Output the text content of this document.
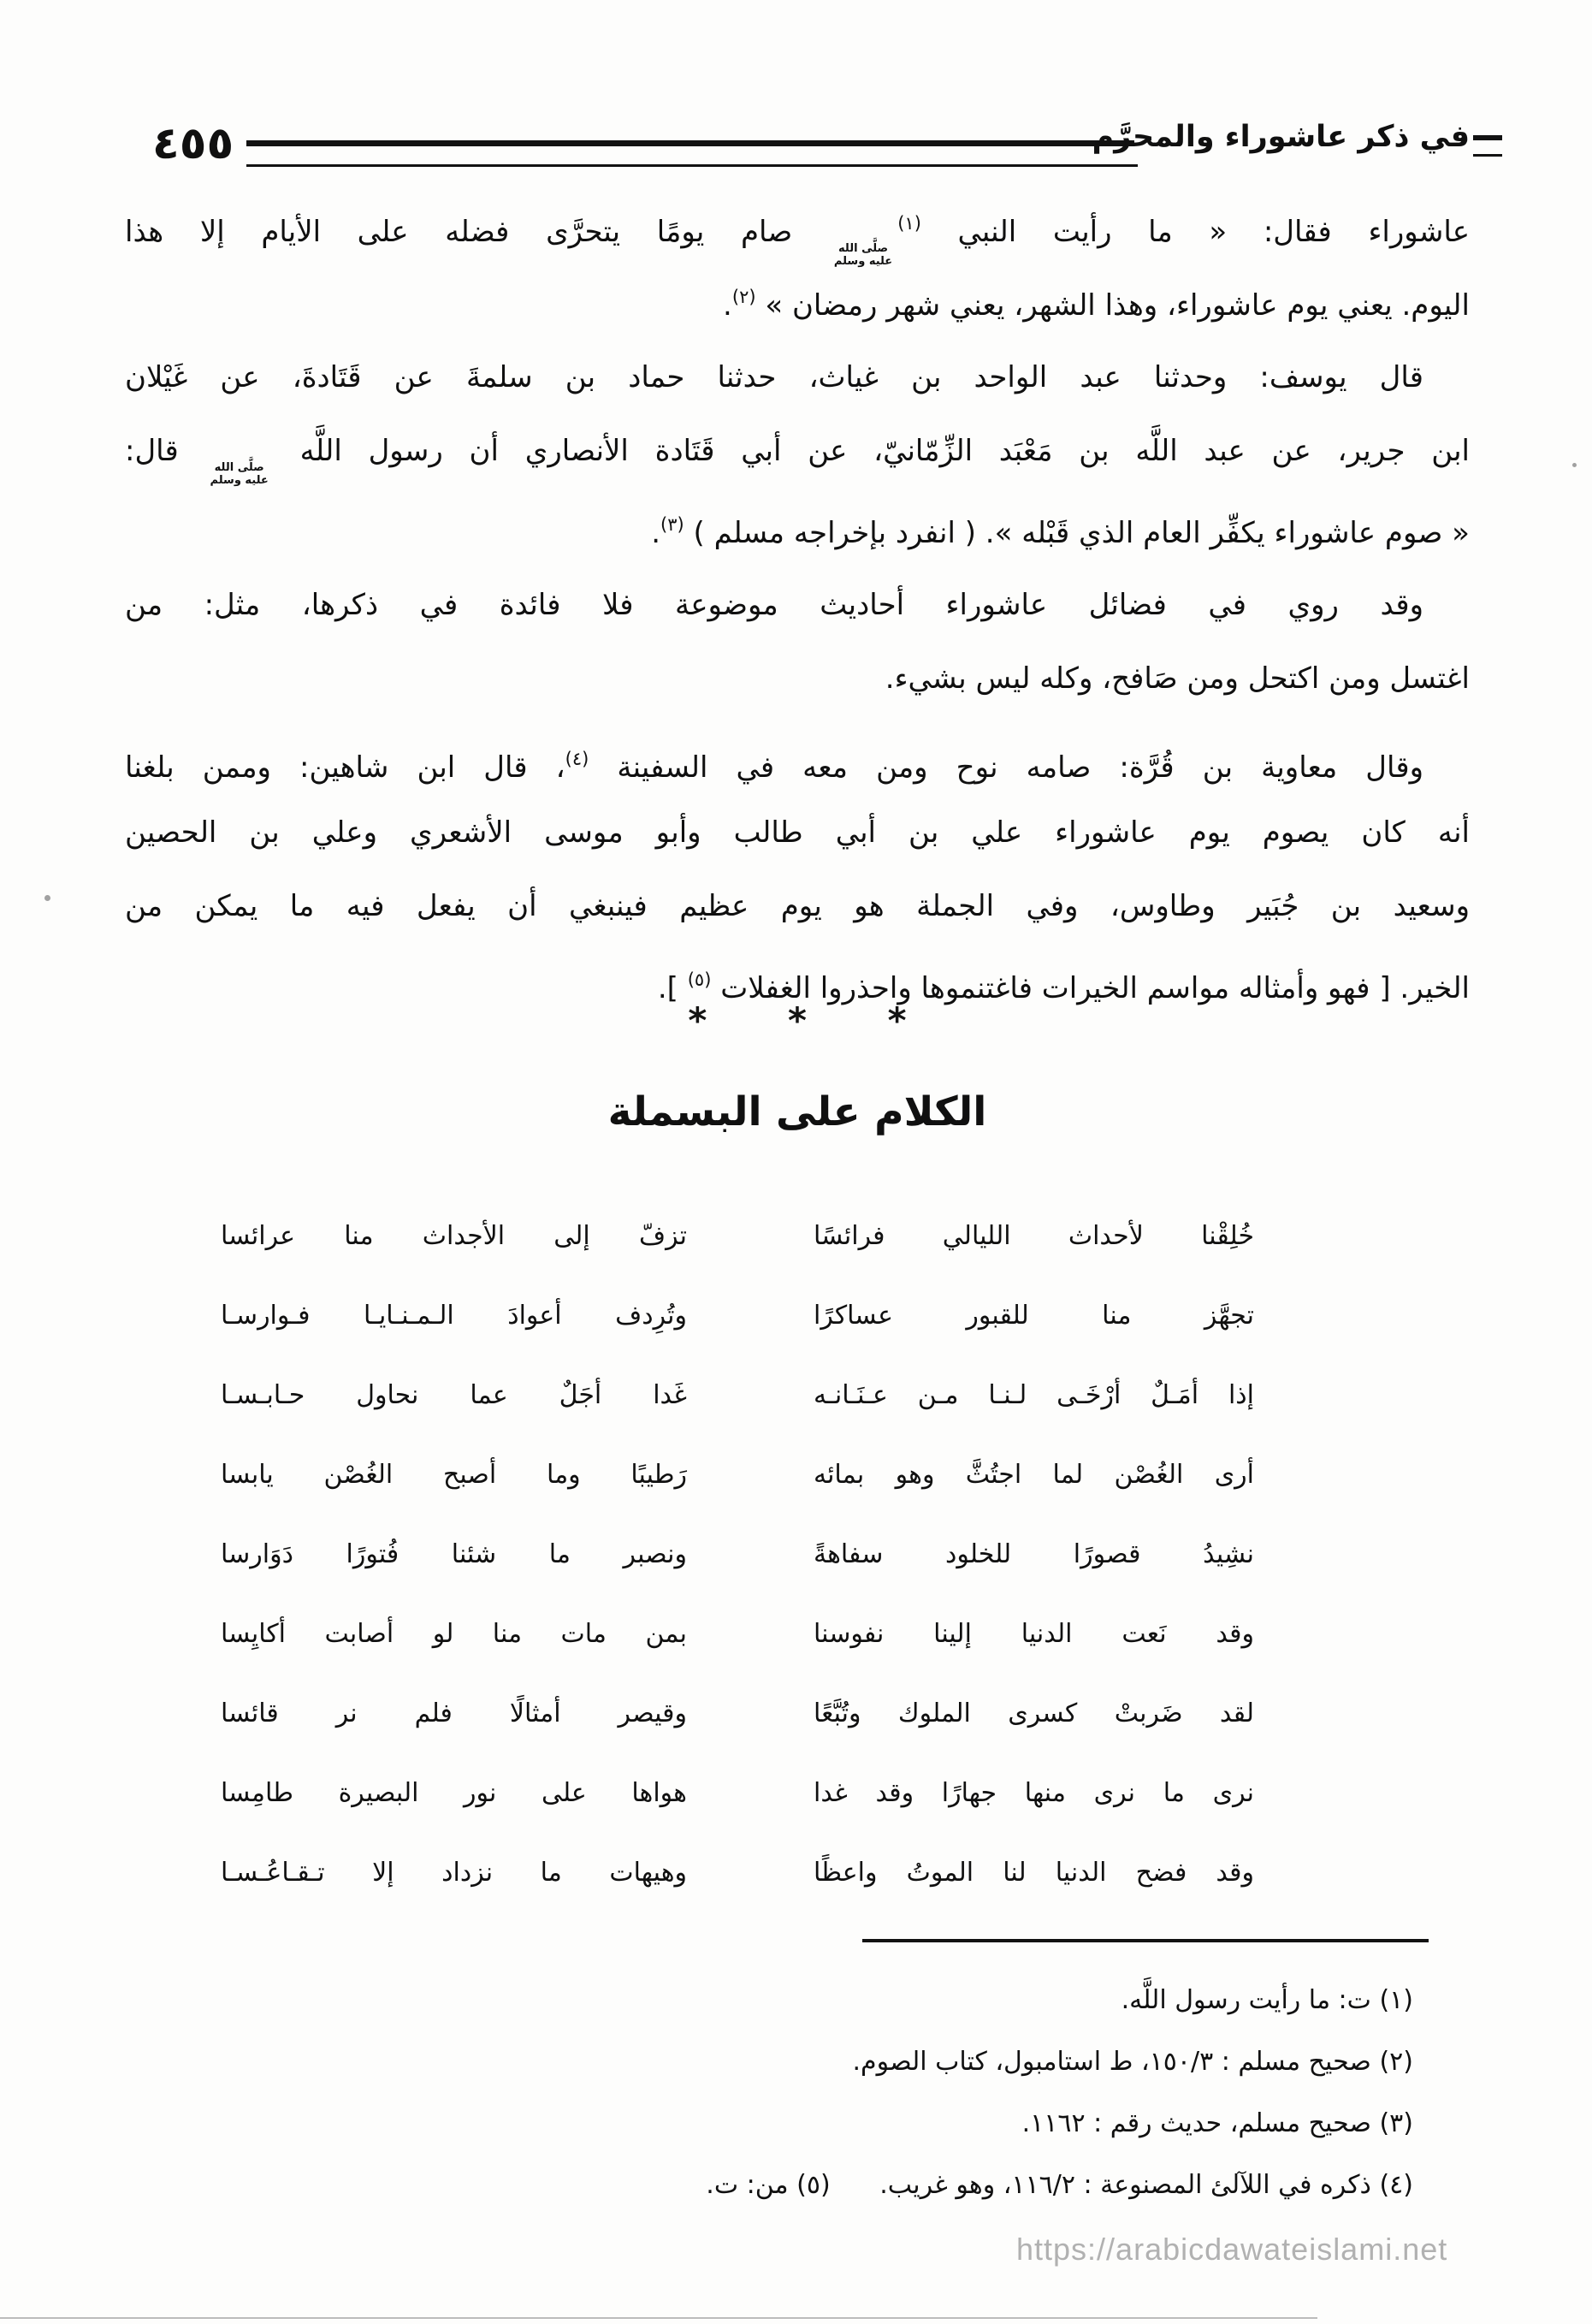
٤٥٥	في ذكر عاشوراء والمحرَّم
عاشوراء فقال: « ما رأيت النبي $^{(١)}$
صلَّى الله
عليه وسلم
صام يومًا يتحرَّى فضله على الأيام إلا هذا
اليوم. يعني يوم عاشوراء، وهذا الشهر، يعني شهر رمضان » $^{(٢)}$.
قال يوسف: وحدثنا عبد الواحد بن غياث، حدثنا حماد بن سلمةَ عن قَتَادةَ، عن غَيْلان
ابن جرير، عن عبد اللَّه بن مَعْبَد الزِّمّانيّ، عن أبي قَتَادة الأنصاري أن رسول اللَّه
صلَّى الله
عليه وسلم
قال:
« صوم عاشوراء يكفِّر العام الذي قَبْله ». ( انفرد بإخراجه مسلم ) $^{(٣)}$.
وقد روي في فضائل عاشوراء أحاديث موضوعة فلا فائدة في ذكرها، مثل: من
اغتسل ومن اكتحل ومن صَافح، وكله ليس بشيء.
وقال معاوية بن قُرَّة: صامه نوح ومن معه في السفينة $^{(٤)}$، قال ابن شاهين: وممن بلغنا
أنه كان يصوم يوم عاشوراء علي بن أبي طالب وأبو موسى الأشعري وعلي بن الحصين
وسعيد بن جُبَير وطاوس، وفي الجملة هو يوم عظيم فينبغي أن يفعل فيه ما يمكن من
الخير. [ فهو وأمثاله مواسم الخيرات فاغتنموها واحذروا الغفلات $^{(٥)}$ ].
* * *
الكلام على البسملة
خُلِقْنا لأحداث الليالي فرائسًا
تزفّ إلى الأجداث منا عرائسا
تجهَّز منا للقبور عساكرًا
وتُرِدف أعوادَ الـمـنـايـا فـوارسـا
إذا أمَـلٌ أرْخَـى لـنـا مـن عـنَـانـه
غَدا أجَلٌ عما نحاول حـابـسـا
أرى الغُصْن لما اجتُثَّ وهو بمائه
رَطيبًا وما أصبح الغُصْن يابسا
نشِيدُ قصورًا للخلود سفاهةً
ونصبر ما شئنا فُتورًا دَوَارسا
وقد نَعت الدنيا إلينا نفوسنا
بمن مات منا لو أصابت أكايِسا
لقد ضَربتْ كسرى الملوك وتُبَّعًا
وقيصر أمثالًا فلم نر قائسا
نرى ما نرى منها جهارًا وقد غدا
هواها على نور البصيرة طامِسا
وقد فضح الدنيا لنا الموتُ واعظًا
وهيهات ما نزداد إلا تـقـاعُـسـا
(١) ت: ما رأيت رسول اللَّه.
(٢) صحيح مسلم : ١٥٠/٣، ط استامبول، كتاب الصوم.
(٣) صحيح مسلم، حديث رقم : ١١٦٢.
(٤) ذكره في اللآلئ المصنوعة : ١١٦/٢، وهو غريب. (٥) من: ت.
https://arabicdawateislami.net
